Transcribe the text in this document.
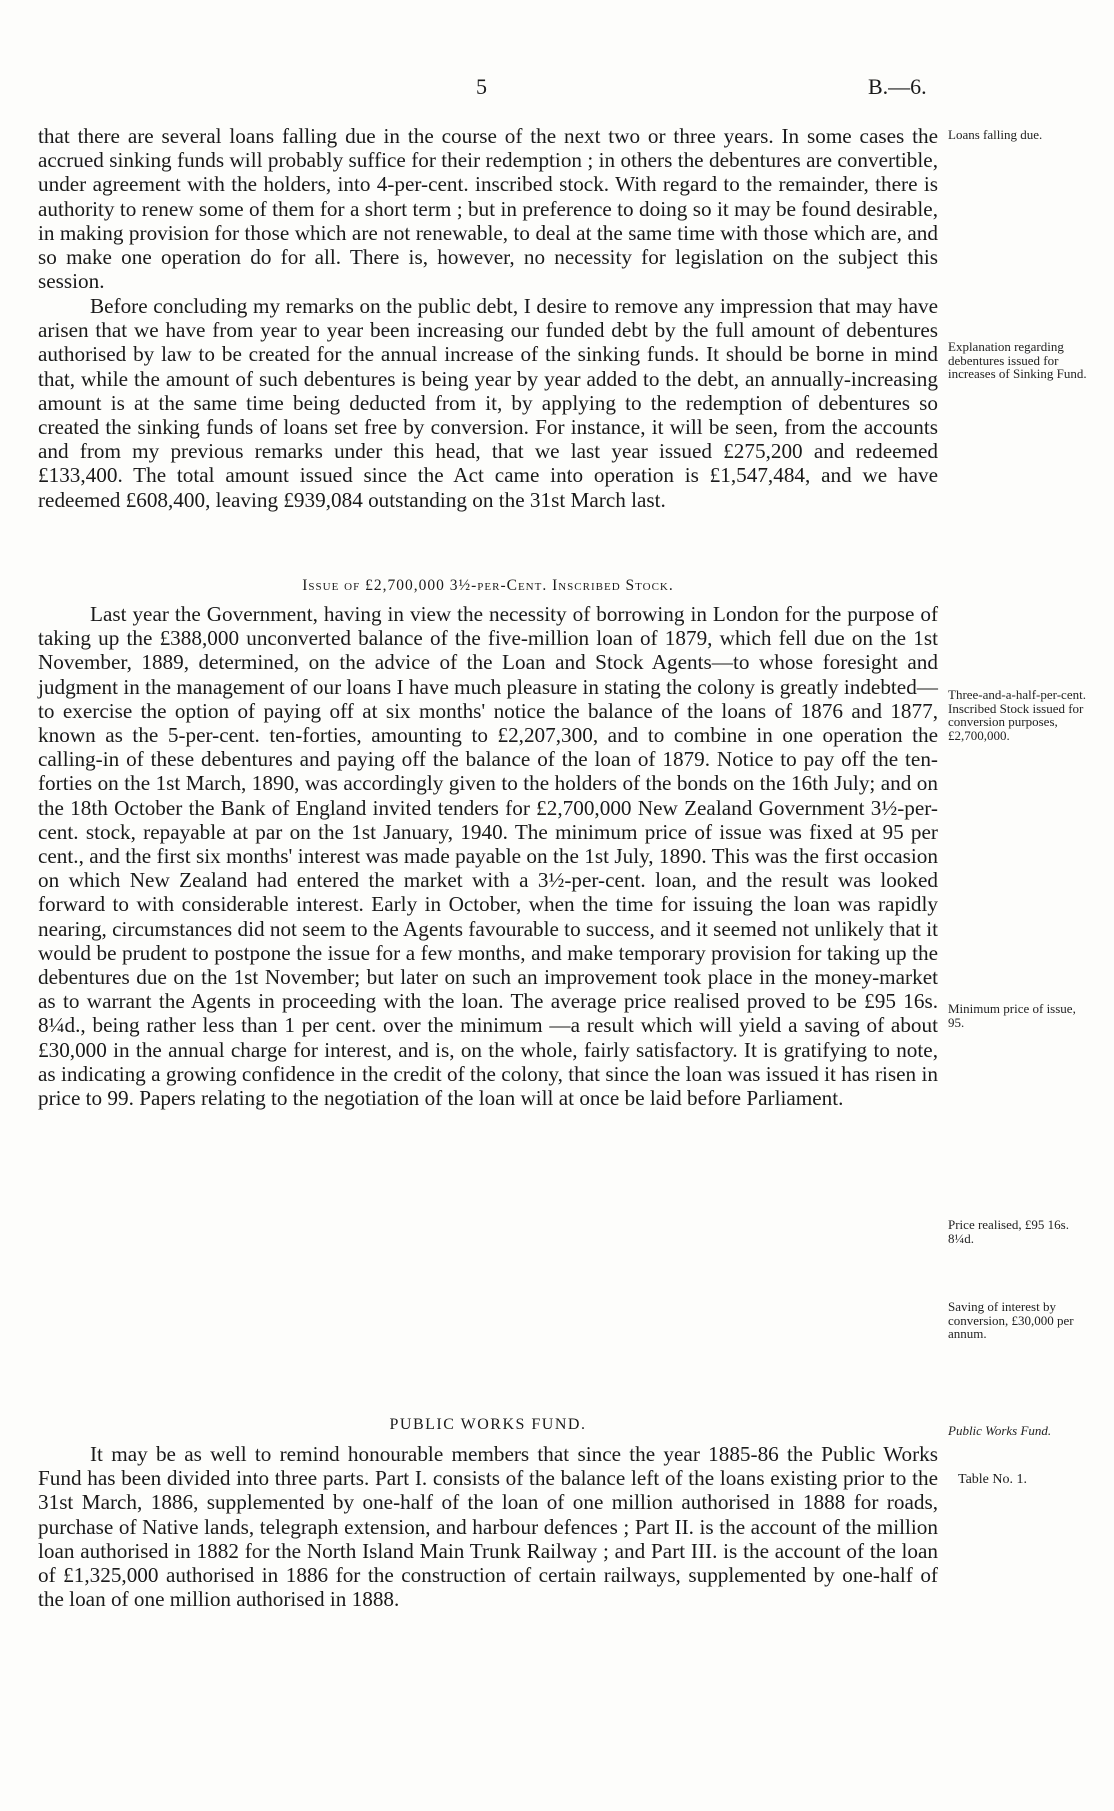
5	B.—6.

that there are several loans falling due in the course of the next two or three years. In some cases the accrued sinking funds will probably suffice for their redemption ; in others the debentures are convertible, under agreement with the holders, into 4-per-cent. inscribed stock. With regard to the remainder, there is authority to renew some of them for a short term ; but in preference to doing so it may be found desirable, in making provision for those which are not renewable, to deal at the same time with those which are, and so make one operation do for all. There is, however, no necessity for legislation on the subject this session.

Before concluding my remarks on the public debt, I desire to remove any impression that may have arisen that we have from year to year been increasing our funded debt by the full amount of debentures authorised by law to be created for the annual increase of the sinking funds. It should be borne in mind that, while the amount of such debentures is being year by year added to the debt, an annually-increasing amount is at the same time being deducted from it, by applying to the redemption of debentures so created the sinking funds of loans set free by conversion. For instance, it will be seen, from the accounts and from my previous remarks under this head, that we last year issued £275,200 and redeemed £133,400. The total amount issued since the Act came into operation is £1,547,484, and we have redeemed £608,400, leaving £939,084 outstanding on the 31st March last.

Issue of £2,700,000 3½-per-Cent. Inscribed Stock.

Last year the Government, having in view the necessity of borrowing in London for the purpose of taking up the £388,000 unconverted balance of the five-million loan of 1879, which fell due on the 1st November, 1889, determined, on the advice of the Loan and Stock Agents—to whose foresight and judgment in the management of our loans I have much pleasure in stating the colony is greatly indebted—to exercise the option of paying off at six months' notice the balance of the loans of 1876 and 1877, known as the 5-per-cent. ten-forties, amounting to £2,207,300, and to combine in one operation the calling-in of these debentures and paying off the balance of the loan of 1879. Notice to pay off the ten-forties on the 1st March, 1890, was accordingly given to the holders of the bonds on the 16th July; and on the 18th October the Bank of England invited tenders for £2,700,000 New Zealand Government 3½-per-cent. stock, repayable at par on the 1st January, 1940. The minimum price of issue was fixed at 95 per cent., and the first six months' interest was made payable on the 1st July, 1890. This was the first occasion on which New Zealand had entered the market with a 3½-per-cent. loan, and the result was looked forward to with considerable interest. Early in October, when the time for issuing the loan was rapidly nearing, circumstances did not seem to the Agents favourable to success, and it seemed not unlikely that it would be prudent to postpone the issue for a few months, and make temporary provision for taking up the debentures due on the 1st November; but later on such an improvement took place in the money-market as to warrant the Agents in proceeding with the loan. The average price realised proved to be £95 16s. 8¼d., being rather less than 1 per cent. over the minimum —a result which will yield a saving of about £30,000 in the annual charge for interest, and is, on the whole, fairly satisfactory. It is gratifying to note, as indicating a growing confidence in the credit of the colony, that since the loan was issued it has risen in price to 99. Papers relating to the negotiation of the loan will at once be laid before Parliament.

PUBLIC WORKS FUND.

It may be as well to remind honourable members that since the year 1885-86 the Public Works Fund has been divided into three parts. Part I. consists of the balance left of the loans existing prior to the 31st March, 1886, supplemented by one-half of the loan of one million authorised in 1888 for roads, purchase of Native lands, telegraph extension, and harbour defences ; Part II. is the account of the million loan authorised in 1882 for the North Island Main Trunk Railway ; and Part III. is the account of the loan of £1,325,000 authorised in 1886 for the construction of certain railways, supplemented by one-half of the loan of one million authorised in 1888.

Loans falling due.
Explanation regarding debentures issued for increases of Sinking Fund.
Three-and-a-half-per-cent. Inscribed Stock issued for conversion purposes, £2,700,000.
Minimum price of issue, 95.
Price realised, £95 16s. 8¼d.
Saving of interest by conversion, £30,000 per annum.
Public Works Fund.
Table No. 1.
